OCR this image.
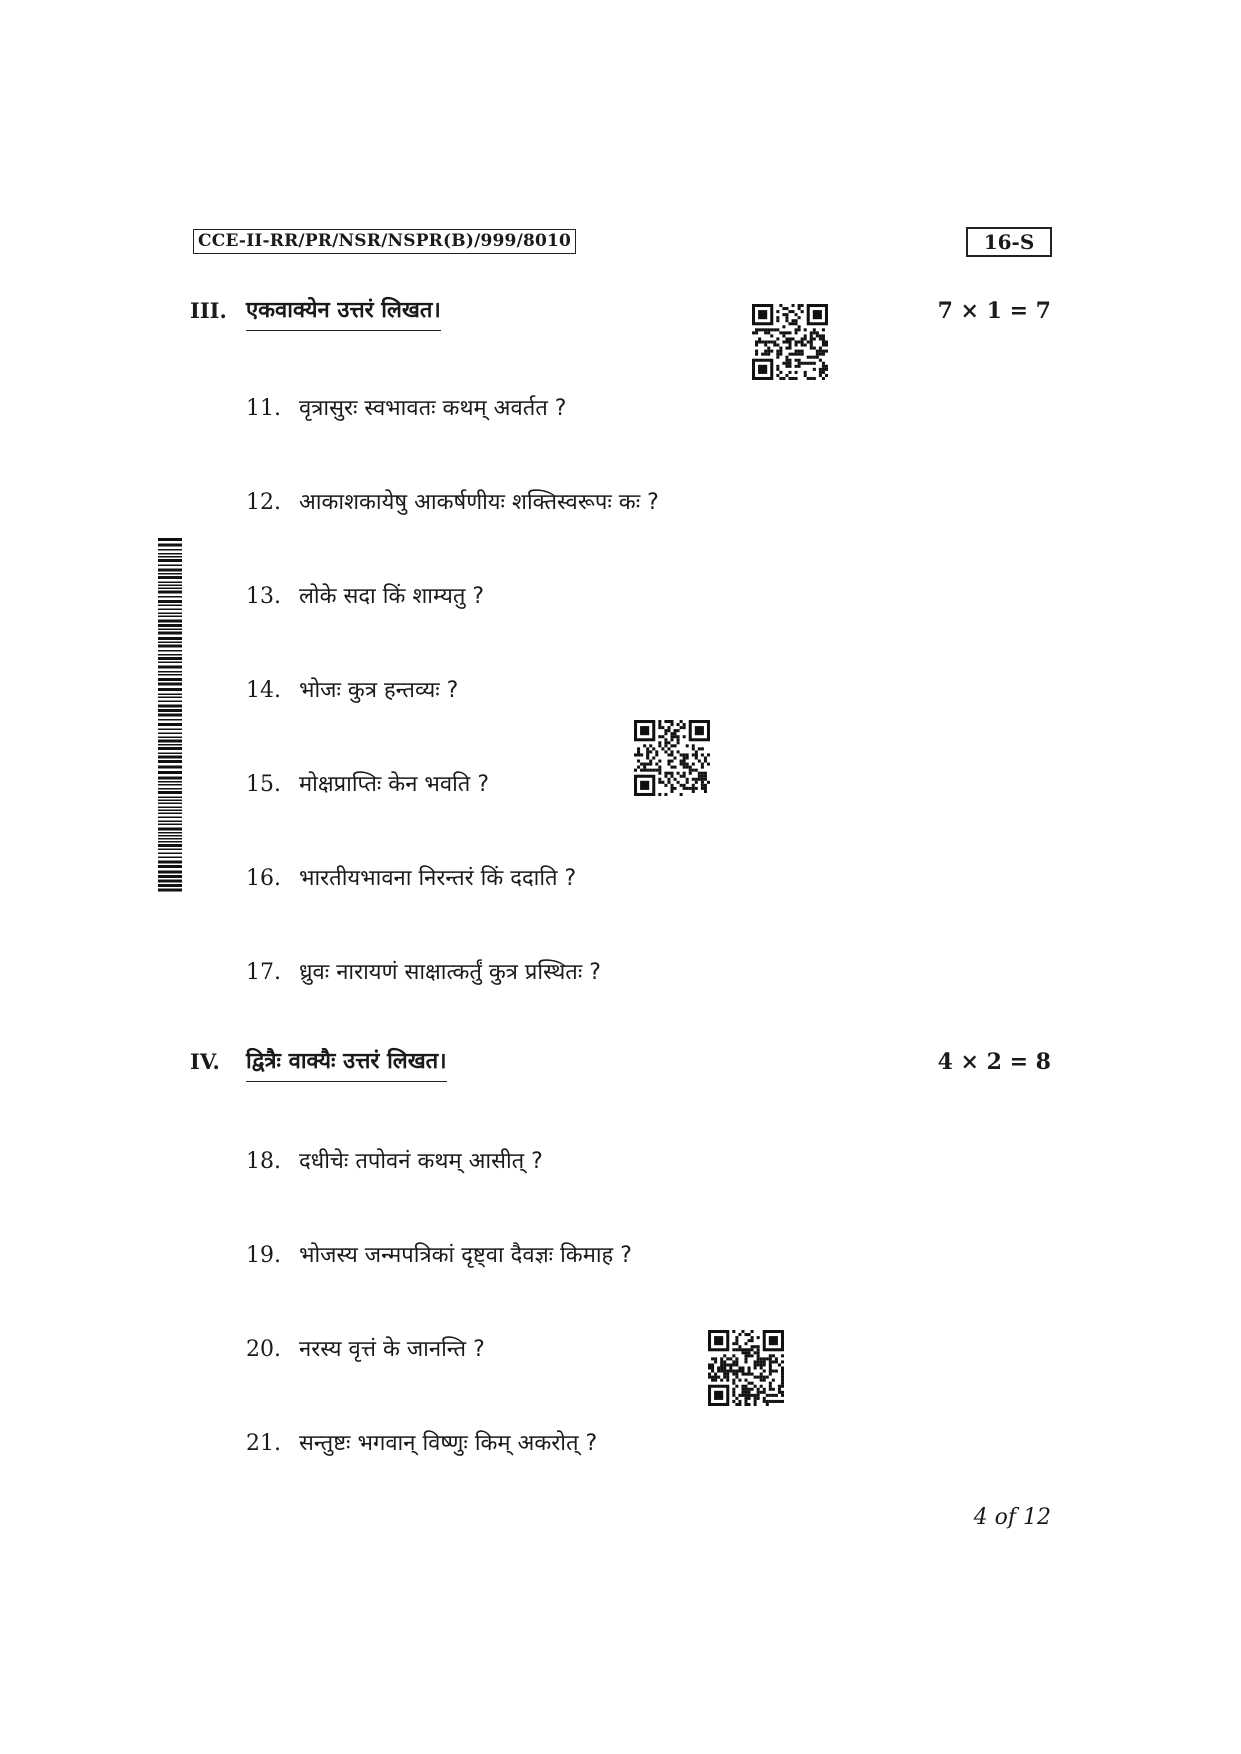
CCE-II-RR/PR/NSR/NSPR(B)/999/8010	16-S
III. एकवाक्येन उत्तरं लिखत।	7 × 1 = 7
11. वृत्रासुरः स्वभावतः कथम् अवर्तत ?
12. आकाशकायेषु आकर्षणीयः शक्तिस्वरूपः कः ?
13. लोके सदा किं शाम्यतु ?
14. भोजः कुत्र हन्तव्यः ?
15. मोक्षप्राप्तिः केन भवति ?
16. भारतीयभावना निरन्तरं किं ददाति ?
17. ध्रुवः नारायणं साक्षात्कर्तुं कुत्र प्रस्थितः ?
IV. द्वित्रैः वाक्यैः उत्तरं लिखत।	4 × 2 = 8
18. दधीचेः तपोवनं कथम् आसीत् ?
19. भोजस्य जन्मपत्रिकां दृष्ट्वा दैवज्ञः किमाह ?
20. नरस्य वृत्तं के जानन्ति ?
21. सन्तुष्टः भगवान् विष्णुः किम् अकरोत् ?
4 of 12
